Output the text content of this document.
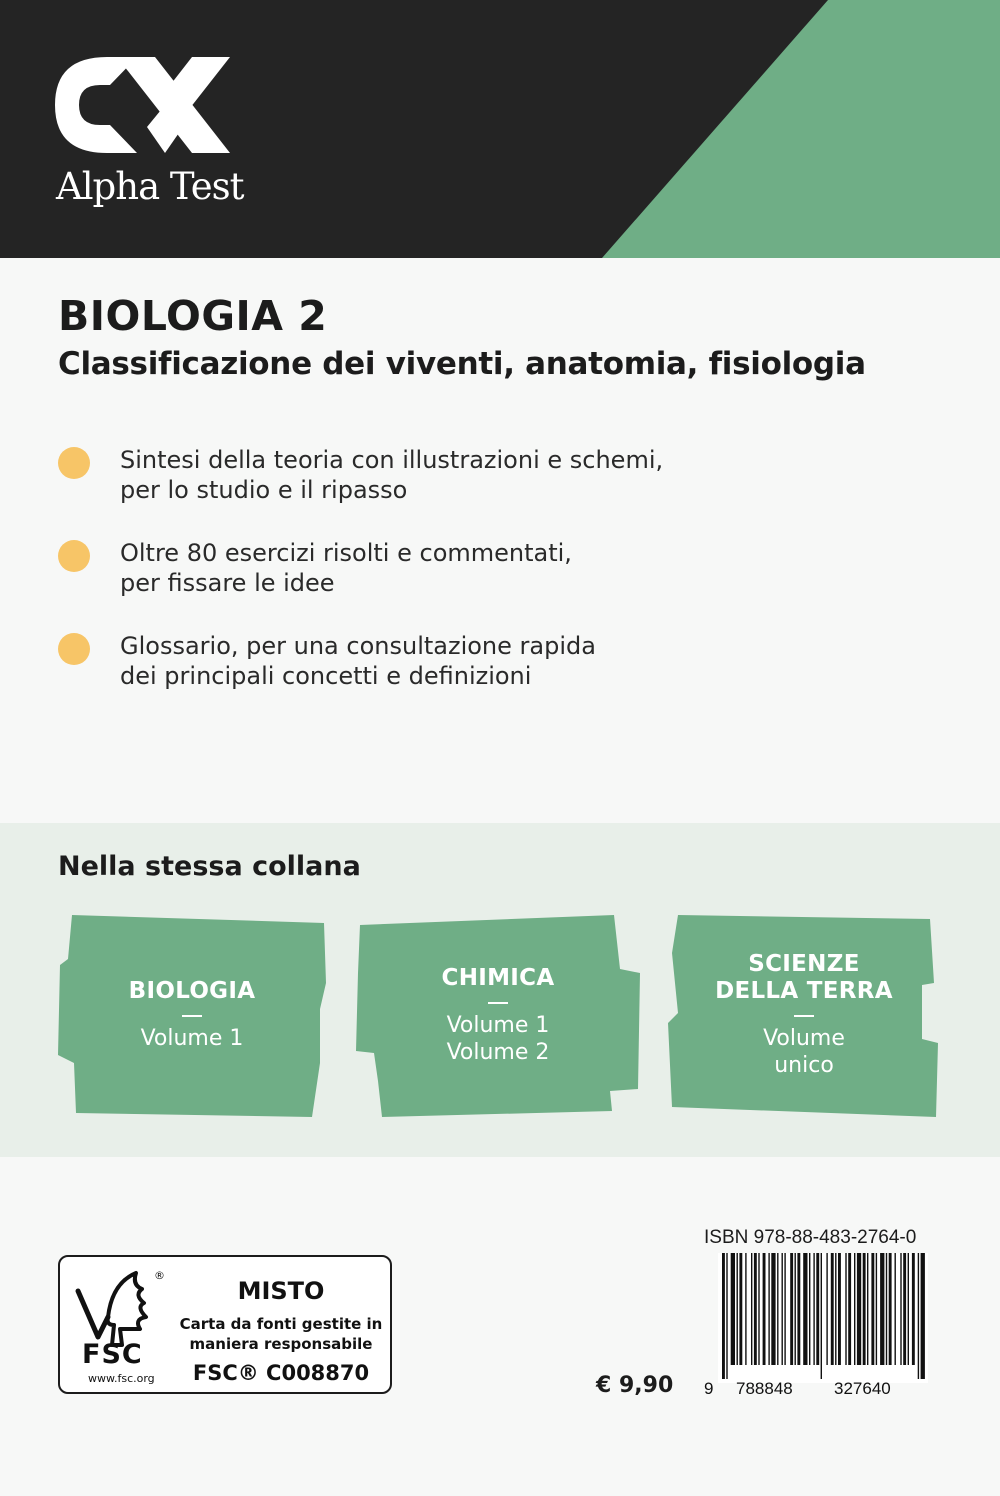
Alpha Test
BIOLOGIA 2
Classificazione dei viventi, anatomia, fisiologia
Sintesi della teoria con illustrazioni e schemi,
per lo studio e il ripasso
Oltre 80 esercizi risolti e commentati,
per fissare le idee
Glossario, per una consultazione rapida
dei principali concetti e definizioni
Nella stessa collana
BIOLOGIA
Volume 1
CHIMICA
Volume 1
Volume 2
SCIENZE
DELLA TERRA
Volume
unico
®
FSC
www.fsc.org
MISTO
Carta da fonti gestite in
maniera responsabile
FSC® C008870	€ 9,90
ISBN 978-88-483-2764-0
9 788848 327640
